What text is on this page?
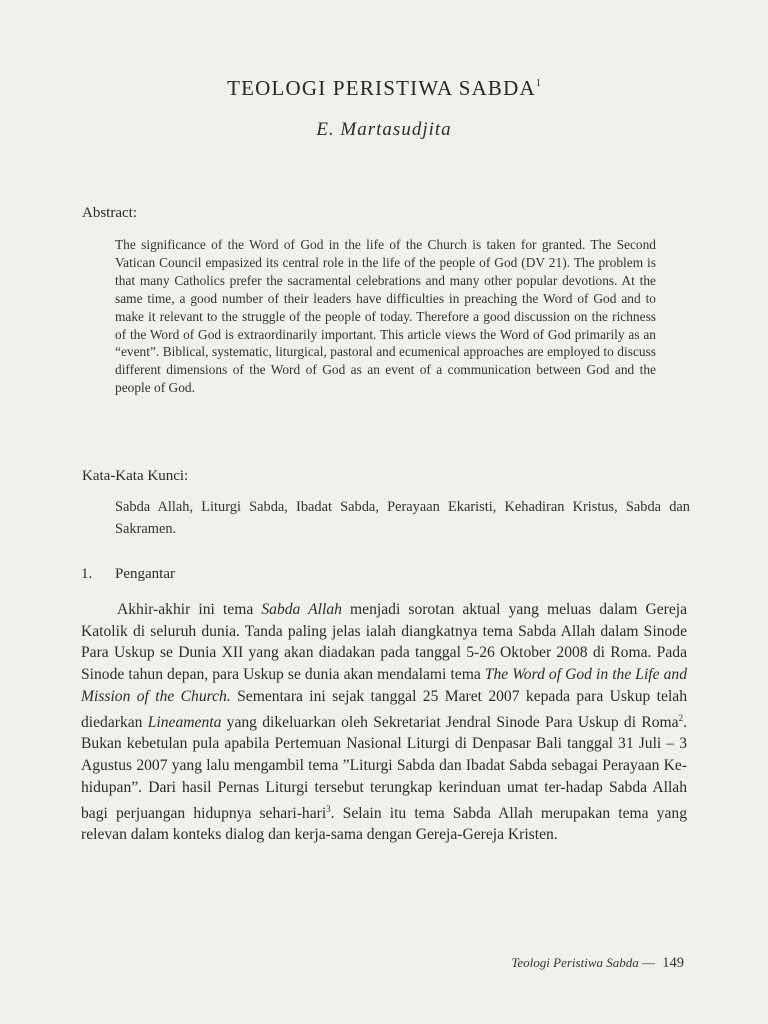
TEOLOGI PERISTIWA SABDA$^1$
E. Martasudjita
Abstract:
The significance of the Word of God in the life of the Church is taken for granted. The Second Vatican Council empasized its central role in the life of the people of God (DV 21). The problem is that many Catholics prefer the sacramental celebrations and many other popular devotions. At the same time, a good number of their leaders have difficulties in preaching the Word of God and to make it relevant to the struggle of the people of today. Therefore a good discussion on the richness of the Word of God is extraordinarily important. This article views the Word of God primarily as an “event”. Biblical, systematic, liturgical, pastoral and ecumenical approaches are employed to discuss different dimensions of the Word of God as an event of a communication between God and the people of God.
Kata-Kata Kunci:
Sabda Allah, Liturgi Sabda, Ibadat Sabda, Perayaan Ekaristi, Kehadiran Kristus, Sabda dan Sakramen.
1. Pengantar

Akhir-akhir ini tema Sabda Allah menjadi sorotan aktual yang meluas dalam Gereja Katolik di seluruh dunia. Tanda paling jelas ialah diangkatnya tema Sabda Allah dalam Sinode Para Uskup se Dunia XII yang akan diadakan pada tanggal 5-26 Oktober 2008 di Roma. Pada Sinode tahun depan, para Uskup se dunia akan mendalami tema The Word of God in the Life and Mission of the Church. Sementara ini sejak tanggal 25 Maret 2007 kepada para Uskup telah diedarkan Lineamenta yang dikeluarkan oleh Sekretariat Jendral Sinode Para Uskup di Roma$^2$. Bukan kebetulan pula apabila Pertemuan Nasional Liturgi di Denpasar Bali tanggal 31 Juli – 3 Agustus 2007 yang lalu mengambil tema ”Liturgi Sabda dan Ibadat Sabda sebagai Perayaan Ke-hidupan”. Dari hasil Pernas Liturgi tersebut terungkap kerinduan umat ter-hadap Sabda Allah bagi perjuangan hidupnya sehari-hari$^3$. Selain itu tema Sabda Allah merupakan tema yang relevan dalam konteks dialog dan kerja-sama dengan Gereja-Gereja Kristen.

Teologi Peristiwa Sabda — 149
